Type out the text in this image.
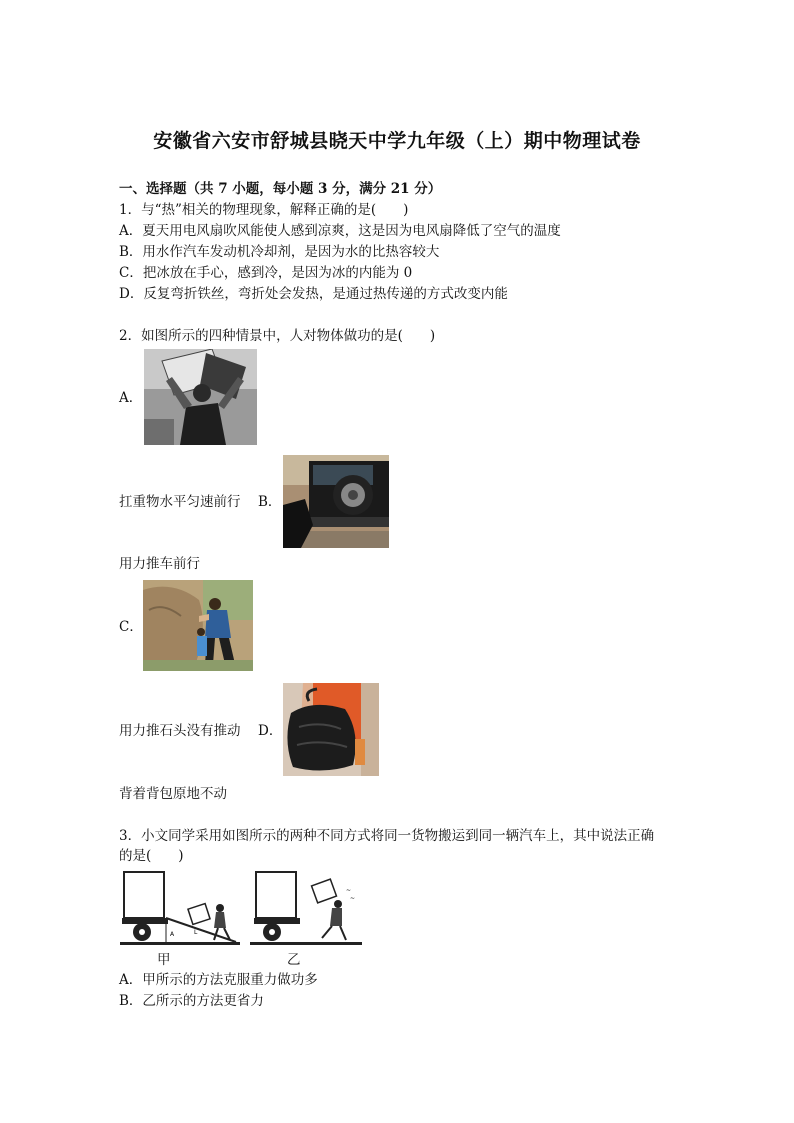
安徽省六安市舒城县晓天中学九年级（上）期中物理试卷
一、选择题（共 7 小题，每小题 3 分，满分 21 分）
1．与“热”相关的物理现象，解释正确的是(　　)
A．夏天用电风扇吹风能使人感到凉爽，这是因为电风扇降低了空气的温度
B．用水作汽车发动机冷却剂，是因为水的比热容较大
C．把冰放在手心，感到冷，是因为冰的内能为 0
D．反复弯折铁丝，弯折处会发热，是通过热传递的方式改变内能
2．如图所示的四种情景中，人对物体做功的是(　　)
A．
扛重物水平匀速前行 B．
用力推车前行
C．
用力推石头没有推动 D．
背着背包原地不动
3．小文同学采用如图所示的两种不同方式将同一货物搬运到同一辆汽车上，其中说法正确
的是(　　)
A	L
~
~
甲	乙
A．甲所示的方法克服重力做功多
B．乙所示的方法更省力
